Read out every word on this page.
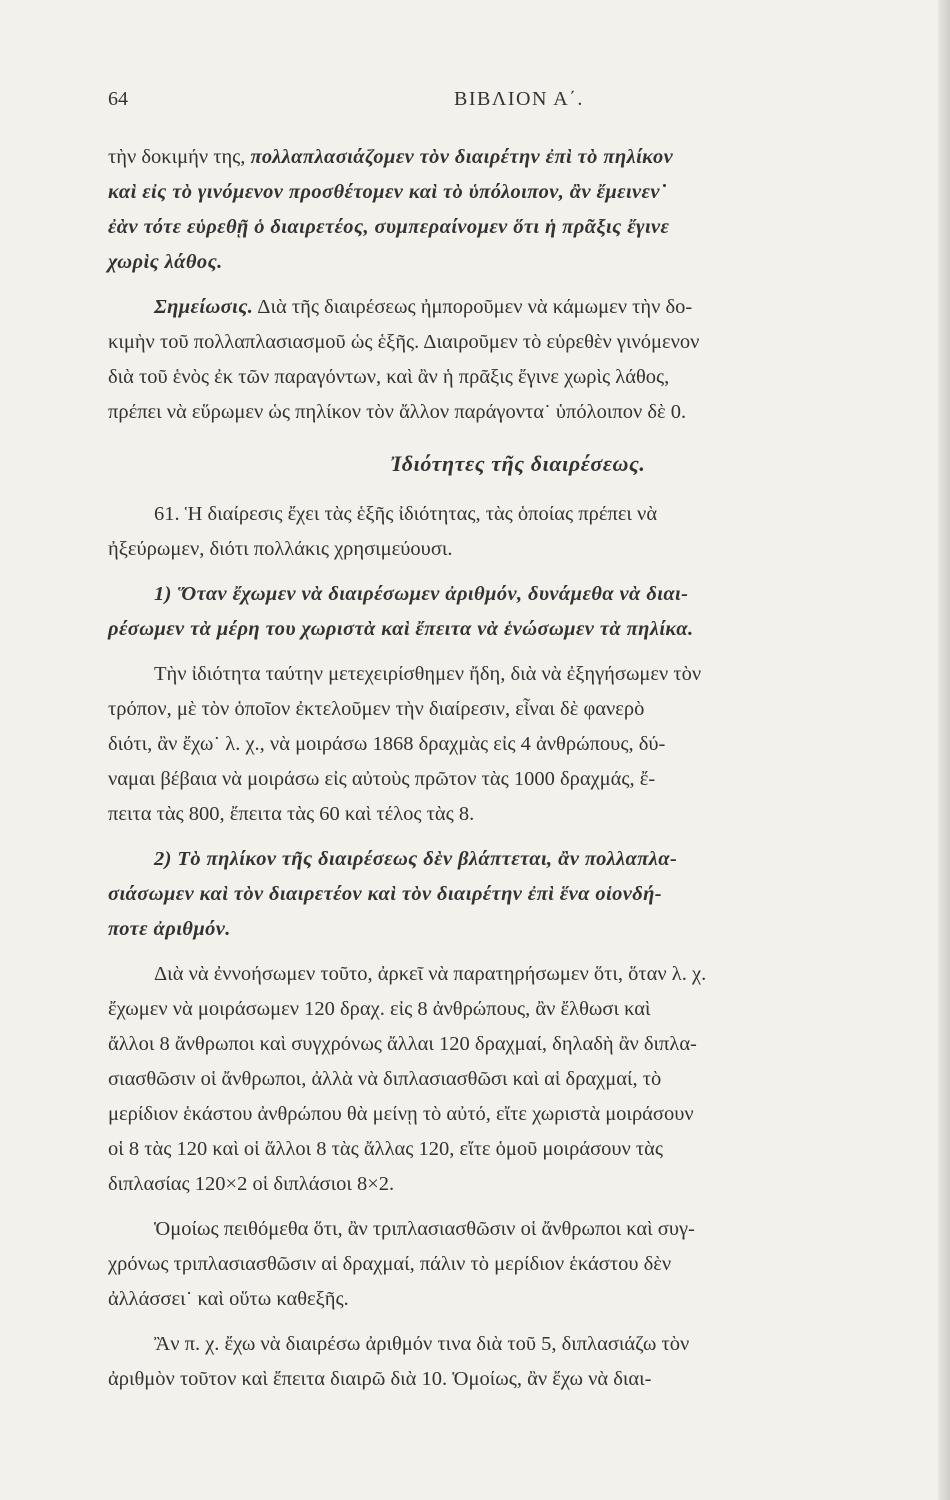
64	ΒΙΒΛΙΟΝ Α΄.
τὴν δοκιμήν της, πολλαπλασιάζομεν τὸν διαιρέτην ἐπὶ τὸ πηλίκον
καὶ εἰς τὸ γινόμενον προσθέτομεν καὶ τὸ ὑπόλοιπον, ἂν ἔμεινεν˙
ἐὰν τότε εὑρεθῇ ὁ διαιρετέος, συμπεραίνομεν ὅτι ἡ πρᾶξις ἔγινε
χωρὶς λάθος.
Σημείωσις. Διὰ τῆς διαιρέσεως ἠμποροῦμεν νὰ κάμωμεν τὴν δο-
κιμὴν τοῦ πολλαπλασιασμοῦ ὡς ἑξῆς. Διαιροῦμεν τὸ εὑρεθὲν γινόμενον
διὰ τοῦ ἑνὸς ἐκ τῶν παραγόντων, καὶ ἂν ἡ πρᾶξις ἔγινε χωρὶς λάθος,
πρέπει νὰ εὕρωμεν ὡς πηλίκον τὸν ἄλλον παράγοντα˙ ὑπόλοιπον δὲ 0.
Ἰδιότητες τῆς διαιρέσεως.
61. Ἡ διαίρεσις ἔχει τὰς ἑξῆς ἰδιότητας, τὰς ὁποίας πρέπει νὰ
ἠξεύρωμεν, διότι πολλάκις χρησιμεύουσι.
1) Ὅταν ἔχωμεν νὰ διαιρέσωμεν ἀριθμόν, δυνάμεθα νὰ διαι-
ρέσωμεν τὰ μέρη του χωριστὰ καὶ ἔπειτα νὰ ἑνώσωμεν τὰ πηλίκα.
Τὴν ἰδιότητα ταύτην μετεχειρίσθημεν ἤδη, διὰ νὰ ἐξηγήσωμεν τὸν
τρόπον, μὲ τὸν ὁποῖον ἐκτελοῦμεν τὴν διαίρεσιν, εἶναι δὲ φανερὸ
διότι, ἂν ἔχω˙ λ. χ., νὰ μοιράσω 1868 δραχμὰς εἰς 4 ἀνθρώπους, δύ-
ναμαι βέβαια νὰ μοιράσω εἰς αὐτοὺς πρῶτον τὰς 1000 δραχμάς, ἔ-
πειτα τὰς 800, ἔπειτα τὰς 60 καὶ τέλος τὰς 8.
2) Τὸ πηλίκον τῆς διαιρέσεως δὲν βλάπτεται, ἂν πολλαπλα-
σιάσωμεν καὶ τὸν διαιρετέον καὶ τὸν διαιρέτην ἐπὶ ἕνα οἱονδή-
ποτε ἀριθμόν.
Διὰ νὰ ἐννοήσωμεν τοῦτο, ἀρκεῖ νὰ παρατηρήσωμεν ὅτι, ὅταν λ. χ.
ἔχωμεν νὰ μοιράσωμεν 120 δραχ. εἰς 8 ἀνθρώπους, ἂν ἔλθωσι καὶ
ἄλλοι 8 ἄνθρωποι καὶ συγχρόνως ἄλλαι 120 δραχμαί, δηλαδὴ ἂν διπλα-
σιασθῶσιν οἱ ἄνθρωποι, ἀλλὰ νὰ διπλασιασθῶσι καὶ αἱ δραχμαί, τὸ
μερίδιον ἑκάστου ἀνθρώπου θὰ μείνῃ τὸ αὐτό, εἴτε χωριστὰ μοιράσουν
οἱ 8 τὰς 120 καὶ οἱ ἄλλοι 8 τὰς ἄλλας 120, εἴτε ὁμοῦ μοιράσουν τὰς
διπλασίας 120×2 οἱ διπλάσιοι 8×2.
Ὁμοίως πειθόμεθα ὅτι, ἂν τριπλασιασθῶσιν οἱ ἄνθρωποι καὶ συγ-
χρόνως τριπλασιασθῶσιν αἱ δραχμαί, πάλιν τὸ μερίδιον ἑκάστου δὲν
ἀλλάσσει˙ καὶ οὕτω καθεξῆς.
Ἂν π. χ. ἔχω νὰ διαιρέσω ἀριθμόν τινα διὰ τοῦ 5, διπλασιάζω τὸν
ἀριθμὸν τοῦτον καὶ ἔπειτα διαιρῶ διὰ 10. Ὁμοίως, ἂν ἔχω νὰ διαι-
